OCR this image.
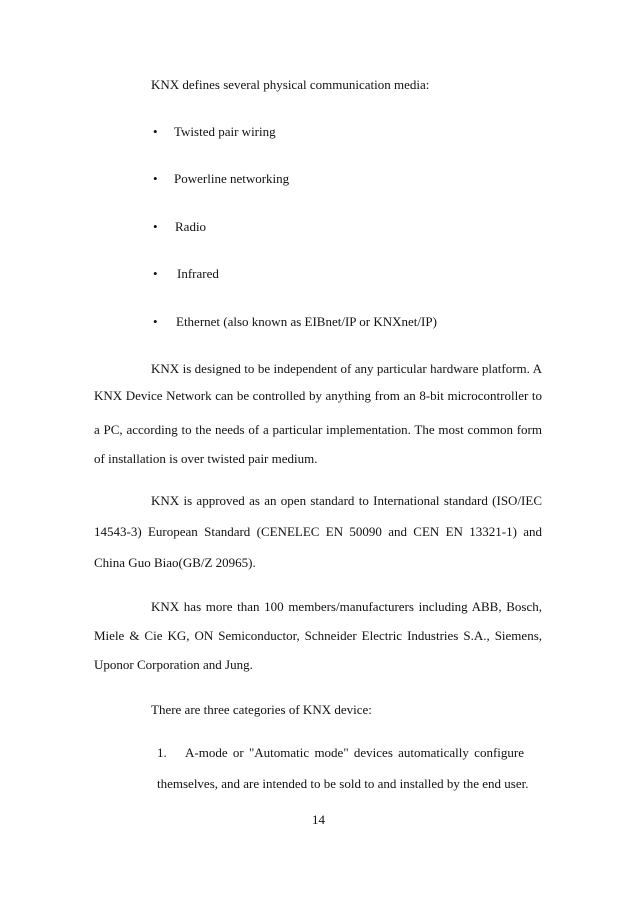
KNX defines several physical communication media:
• Twisted pair wiring
• Powerline networking
• Radio
• Infrared
• Ethernet (also known as EIBnet/IP or KNXnet/IP)
KNX is designed to be independent of any particular hardware platform. A
KNX Device Network can be controlled by anything from an 8-bit microcontroller to
a PC, according to the needs of a particular implementation. The most common form
of installation is over twisted pair medium.
KNX is approved as an open standard to International standard (ISO/IEC
14543-3) European Standard (CENELEC EN 50090 and CEN EN 13321-1) and
China Guo Biao(GB/Z 20965).
KNX has more than 100 members/manufacturers including ABB, Bosch,
Miele & Cie KG, ON Semiconductor, Schneider Electric Industries S.A., Siemens,
Uponor Corporation and Jung.
There are three categories of KNX device:
1. A-mode or "Automatic mode" devices automatically configure
themselves, and are intended to be sold to and installed by the end user.
14
